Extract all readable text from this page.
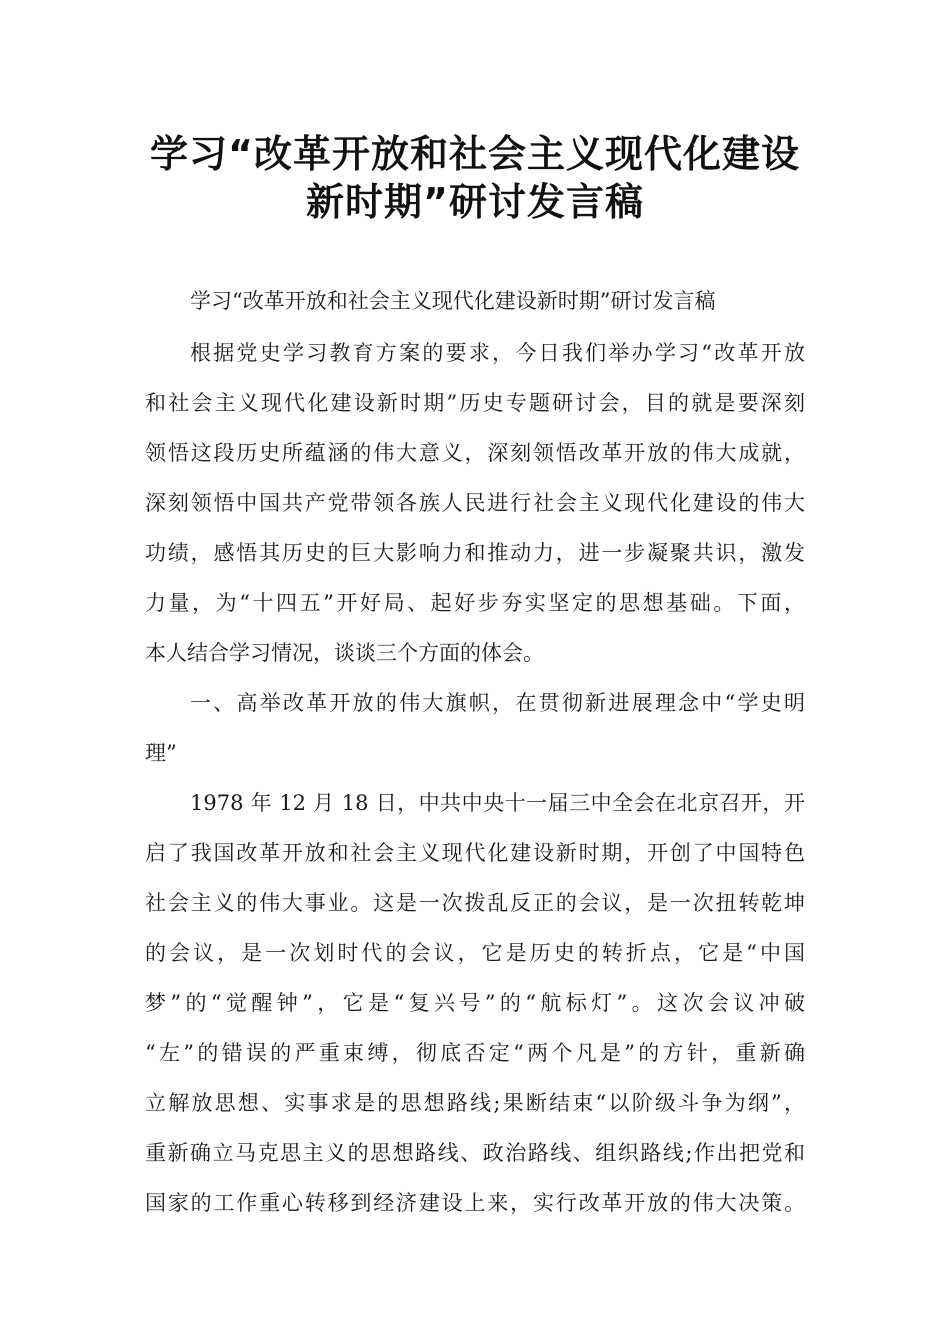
学习“改革开放和社会主义现代化建设
新时期”研讨发言稿

学习“改革开放和社会主义现代化建设新时期”研讨发言稿

根据党史学习教育方案的要求，今日我们举办学习“改革开放

和社会主义现代化建设新时期”历史专题研讨会，目的就是要深刻

领悟这段历史所蕴涵的伟大意义，深刻领悟改革开放的伟大成就，

深刻领悟中国共产党带领各族人民进行社会主义现代化建设的伟大

功绩，感悟其历史的巨大影响力和推动力，进一步凝聚共识，激发

力量，为“十四五”开好局、起好步夯实坚定的思想基础。下面，

本人结合学习情况，谈谈三个方面的体会。

一、高举改革开放的伟大旗帜，在贯彻新进展理念中“学史明

理”

1978 年 12 月 18 日，中共中央十一届三中全会在北京召开，开

启了我国改革开放和社会主义现代化建设新时期，开创了中国特色

社会主义的伟大事业。这是一次拨乱反正的会议，是一次扭转乾坤

的会议，是一次划时代的会议，它是历史的转折点，它是“中国

梦”的“觉醒钟”，它是“复兴号”的“航标灯”。这次会议冲破

“左”的错误的严重束缚，彻底否定“两个凡是”的方针，重新确

立解放思想、实事求是的思想路线;果断结束“以阶级斗争为纲”，

重新确立马克思主义的思想路线、政治路线、组织路线;作出把党和

国家的工作重心转移到经济建设上来，实行改革开放的伟大决策。
